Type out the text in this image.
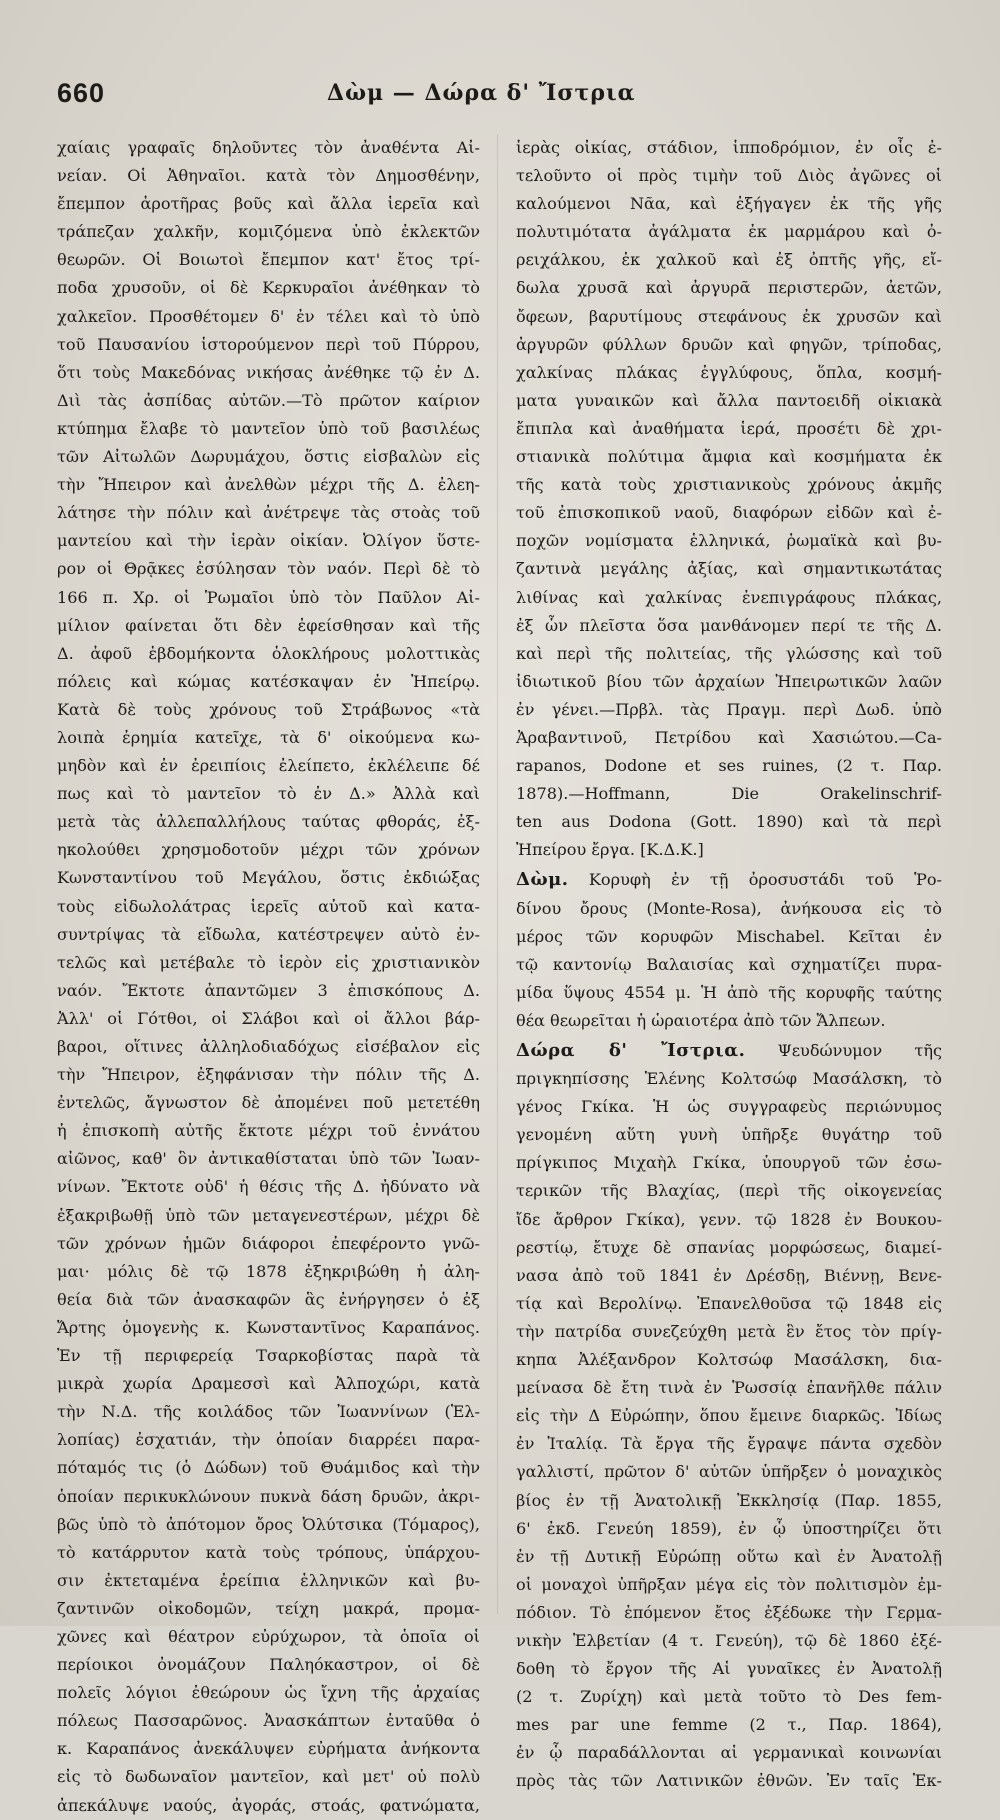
660	Δὼμ — Δώρα δ' Ἴστρια

χαίαις γραφαῖς δηλοῦντες τὸν ἀναθέντα Αἰ-
νείαν. Οἱ Ἀθηναῖοι. κατὰ τὸν Δημοσθένην,
ἔπεμπον ἀροτῆρας βοῦς καὶ ἄλλα ἱερεῖα καὶ
τράπεζαν χαλκῆν, κομιζόμενα ὑπὸ ἐκλεκτῶν
θεωρῶν. Οἱ Βοιωτοὶ ἔπεμπον κατ' ἔτος τρί-
ποδα χρυσοῦν, οἱ δὲ Κερκυραῖοι ἀνέθηκαν τὸ
χαλκεῖον. Προσθέτομεν δ' ἐν τέλει καὶ τὸ ὑπὸ
τοῦ Παυσανίου ἱστορούμενον περὶ τοῦ Πύρρου,
ὅτι τοὺς Μακεδόνας νικήσας ἀνέθηκε τῷ ἐν Δ.
Διὶ τὰς ἀσπίδας αὐτῶν.—Τὸ πρῶτον καίριον
κτύπημα ἔλαβε τὸ μαντεῖον ὑπὸ τοῦ βασιλέως
τῶν Αἰτωλῶν Δωρυμάχου, ὅστις εἰσβαλὼν εἰς
τὴν Ἤπειρον καὶ ἀνελθὼν μέχρι τῆς Δ. ἐλεη-
λάτησε τὴν πόλιν καὶ ἀνέτρεψε τὰς στοὰς τοῦ
μαντείου καὶ τὴν ἱερὰν οἰκίαν. Ὀλίγον ὕστε-
ρον οἱ Θρᾷκες ἐσύλησαν τὸν ναόν. Περὶ δὲ τὸ
166 π. Χρ. οἱ Ῥωμαῖοι ὑπὸ τὸν Παῦλον Αἰ-
μίλιον φαίνεται ὅτι δὲν ἐφείσθησαν καὶ τῆς
Δ. ἀφοῦ ἑβδομήκοντα ὁλοκλήρους μολοττικὰς
πόλεις καὶ κώμας κατέσκαψαν ἐν Ἠπείρῳ.
Κατὰ δὲ τοὺς χρόνους τοῦ Στράβωνος «τὰ
λοιπὰ ἐρημία κατεῖχε, τὰ δ' οἰκούμενα κω-
μηδὸν καὶ ἐν ἐρειπίοις ἐλείπετο, ἐκλέλειπε δέ
πως καὶ τὸ μαντεῖον τὸ ἐν Δ.» Ἀλλὰ καὶ
μετὰ τὰς ἀλλεπαλλήλους ταύτας φθοράς, ἐξ-
ηκολούθει χρησμοδοτοῦν μέχρι τῶν χρόνων
Κωνσταντίνου τοῦ Μεγάλου, ὅστις ἐκδιώξας
τοὺς εἰδωλολάτρας ἱερεῖς αὐτοῦ καὶ κατα-
συντρίψας τὰ εἴδωλα, κατέστρεψεν αὐτὸ ἐν-
τελῶς καὶ μετέβαλε τὸ ἱερὸν εἰς χριστιανικὸν
ναόν. Ἔκτοτε ἀπαντῶμεν 3 ἐπισκόπους Δ.
Ἀλλ' οἱ Γότθοι, οἱ Σλάβοι καὶ οἱ ἄλλοι βάρ-
βαροι, οἵτινες ἀλληλοδιαδόχως εἰσέβαλον εἰς
τὴν Ἤπειρον, ἐξηφάνισαν τὴν πόλιν τῆς Δ.
ἐντελῶς, ἄγνωστον δὲ ἀπομένει ποῦ μετετέθη
ἡ ἐπισκοπὴ αὐτῆς ἔκτοτε μέχρι τοῦ ἐννάτου
αἰῶνος, καθ' ὃν ἀντικαθίσταται ὑπὸ τῶν Ἰωαν-
νίνων. Ἔκτοτε οὐδ' ἡ θέσις τῆς Δ. ἠδύνατο νὰ
ἐξακριβωθῇ ὑπὸ τῶν μεταγενεστέρων, μέχρι δὲ
τῶν χρόνων ἡμῶν διάφοροι ἐπεφέροντο γνῶ-
μαι· μόλις δὲ τῷ 1878 ἐξηκριβώθη ἡ ἀλη-
θεία διὰ τῶν ἀνασκαφῶν ἃς ἐνήργησεν ὁ ἐξ
Ἄρτης ὁμογενὴς κ. Κωνσταντῖνος Καραπάνος.
Ἐν τῇ περιφερείᾳ Τσαρκοβίστας παρὰ τὰ
μικρὰ χωρία Δραμεσσὶ καὶ Ἀλποχώρι, κατὰ
τὴν Ν.Δ. τῆς κοιλάδος τῶν Ἰωαννίνων (Ἑλ-
λοπίας) ἐσχατιάν, τὴν ὁποίαν διαρρέει παρα-
πόταμός τις (ὁ Δώδων) τοῦ Θυάμιδος καὶ τὴν
ὁποίαν περικυκλώνουν πυκνὰ δάση δρυῶν, ἀκρι-
βῶς ὑπὸ τὸ ἀπότομον ὄρος Ὀλύτσικα (Τόμαρος),
τὸ κατάρρυτον κατὰ τοὺς τρόπους, ὑπάρχου-
σιν ἐκτεταμένα ἐρείπια ἑλληνικῶν καὶ βυ-
ζαντινῶν οἰκοδομῶν, τείχη μακρά, προμα-
χῶνες καὶ θέατρον εὐρύχωρον, τὰ ὁποῖα οἱ
περίοικοι ὀνομάζουν Παληόκαστρον, οἱ δὲ
πολεῖς λόγιοι ἐθεώρουν ὡς ἴχνη τῆς ἀρχαίας
πόλεως Πασσαρῶνος. Ἀνασκάπτων ἐνταῦθα ὁ
κ. Καραπάνος ἀνεκάλυψεν εὐρήματα ἀνήκοντα
εἰς τὸ δωδωναῖον μαντεῖον, καὶ μετ' οὐ πολὺ
ἀπεκάλυψε ναούς, ἀγοράς, στοάς, φατνώματα,

ἱερὰς οἰκίας, στάδιον, ἱπποδρόμιον, ἐν οἷς ἐ-
τελοῦντο οἱ πρὸς τιμὴν τοῦ Διὸς ἀγῶνες οἱ
καλούμενοι Νᾶα, καὶ ἐξήγαγεν ἐκ τῆς γῆς
πολυτιμότατα ἀγάλματα ἐκ μαρμάρου καὶ ὀ-
ρειχάλκου, ἐκ χαλκοῦ καὶ ἐξ ὀπτῆς γῆς, εἴ-
δωλα χρυσᾶ καὶ ἀργυρᾶ περιστερῶν, ἀετῶν,
ὄφεων, βαρυτίμους στεφάνους ἐκ χρυσῶν καὶ
ἀργυρῶν φύλλων δρυῶν καὶ φηγῶν, τρίποδας,
χαλκίνας πλάκας ἐγγλύφους, ὅπλα, κοσμή-
ματα γυναικῶν καὶ ἄλλα παντοειδῆ οἰκιακὰ
ἔπιπλα καὶ ἀναθήματα ἱερά, προσέτι δὲ χρι-
στιανικὰ πολύτιμα ἄμφια καὶ κοσμήματα ἐκ
τῆς κατὰ τοὺς χριστιανικοὺς χρόνους ἀκμῆς
τοῦ ἐπισκοπικοῦ ναοῦ, διαφόρων εἰδῶν καὶ ἐ-
ποχῶν νομίσματα ἑλληνικά, ῥωμαϊκὰ καὶ βυ-
ζαντινὰ μεγάλης ἀξίας, καὶ σημαντικωτάτας
λιθίνας καὶ χαλκίνας ἐνεπιγράφους πλάκας,
ἐξ ὧν πλεῖστα ὅσα μανθάνομεν περί τε τῆς Δ.
καὶ περὶ τῆς πολιτείας, τῆς γλώσσης καὶ τοῦ
ἰδιωτικοῦ βίου τῶν ἀρχαίων Ἠπειρωτικῶν λαῶν
ἐν γένει.—Πρβλ. τὰς Πραγμ. περὶ Δωδ. ὑπὸ
Ἀραβαντινοῦ, Πετρίδου καὶ Χασιώτου.—Ca-
rapanos, Dodone et ses ruines, (2 τ. Παρ.
1878).—Hoffmann, Die Orakelinschrif-
ten aus Dodona (Gott. 1890) καὶ τὰ περὶ
Ἠπείρου ἔργα. [Κ.Δ.Κ.]

Δὼμ. Κορυφὴ ἐν τῇ ὀροσυστάδι τοῦ Ῥο-
δίνου ὄρους (Monte-Rosa), ἀνήκουσα εἰς τὸ
μέρος τῶν κορυφῶν Mischabel. Κεῖται ἐν
τῷ καντονίῳ Βαλαισίας καὶ σχηματίζει πυρα-
μίδα ὕψους 4554 μ. Ἡ ἀπὸ τῆς κορυφῆς ταύτης
θέα θεωρεῖται ἡ ὡραιοτέρα ἀπὸ τῶν Ἄλπεων.

Δώρα δ' Ἴστρια. Ψευδώνυμον τῆς
πριγκηπίσσης Ἑλένης Κολτσώφ Μασάλσκη, τὸ
γένος Γκίκα. Ἡ ὡς συγγραφεὺς περιώνυμος
γενομένη αὕτη γυνὴ ὑπῆρξε θυγάτηρ τοῦ
πρίγκιπος Μιχαὴλ Γκίκα, ὑπουργοῦ τῶν ἐσω-
τερικῶν τῆς Βλαχίας, (περὶ τῆς οἰκογενείας
ἴδε ἄρθρον Γκίκα), γενν. τῷ 1828 ἐν Βουκου-
ρεστίῳ, ἔτυχε δὲ σπανίας μορφώσεως, διαμεί-
νασα ἀπὸ τοῦ 1841 ἐν Δρέσδῃ, Βιέννῃ, Βενε-
τίᾳ καὶ Βερολίνῳ. Ἐπανελθοῦσα τῷ 1848 εἰς
τὴν πατρίδα συνεζεύχθη μετὰ ἓν ἔτος τὸν πρίγ-
κηπα Ἀλέξανδρον Κολτσώφ Μασάλσκη, δια-
μείνασα δὲ ἔτη τινὰ ἐν Ῥωσσίᾳ ἐπανῆλθε πάλιν
εἰς τὴν Δ Εὐρώπην, ὅπου ἔμεινε διαρκῶς. Ἰδίως
ἐν Ἰταλίᾳ. Τὰ ἔργα τῆς ἔγραψε πάντα σχεδὸν
γαλλιστί, πρῶτον δ' αὐτῶν ὑπῆρξεν ὁ μοναχικὸς
βίος ἐν τῇ Ἀνατολικῇ Ἐκκλησίᾳ (Παρ. 1855,
6' ἐκδ. Γενεύη 1859), ἐν ᾧ ὑποστηρίζει ὅτι
ἐν τῇ Δυτικῇ Εὐρώπῃ οὕτω καὶ ἐν Ἀνατολῇ
οἱ μοναχοὶ ὑπῆρξαν μέγα εἰς τὸν πολιτισμὸν ἐμ-
πόδιον. Τὸ ἑπόμενον ἔτος ἐξέδωκε τὴν Γερμα-
νικὴν Ἑλβετίαν (4 τ. Γενεύη), τῷ δὲ 1860 ἐξέ-
δοθη τὸ ἔργον τῆς Αἱ γυναῖκες ἐν Ἀνατολῇ
(2 τ. Ζυρίχη) καὶ μετὰ τοῦτο τὸ Des fem-
mes par une femme (2 τ., Παρ. 1864),
ἐν ᾧ παραδάλλονται αἱ γερμανικαὶ κοινωνίαι
πρὸς τὰς τῶν Λατινικῶν ἐθνῶν. Ἐν ταῖς Ἐκ-
